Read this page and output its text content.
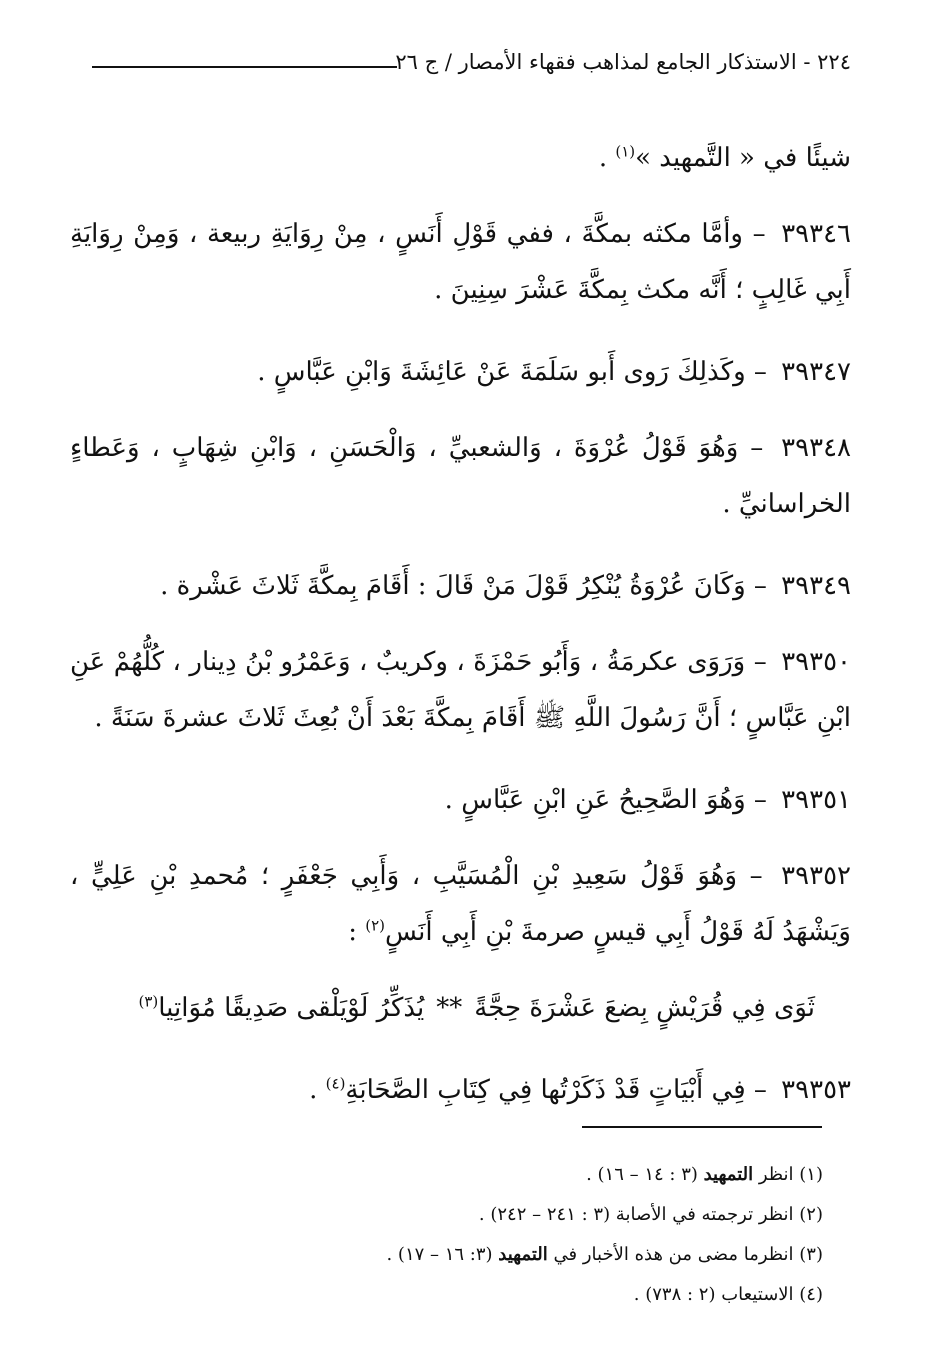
٢٢٤ - الاستذكار الجامع لمذاهب فقهاء الأمصار / ج ٢٦

شيئًا في « التَّمهيد »$^{(١)}$ .

٣٩٣٤٦ – وأمَّا مكثه بمكَّةَ ، ففي قَوْلِ أَنَسٍ ، مِنْ رِوَايَةِ ربيعة ، وَمِنْ رِوَايَةِ أَبِي غَالِبٍ ؛ أَنَّه مكث بِمكَّةَ عَشْرَ سِنِينَ .

٣٩٣٤٧ – وكَذلِكَ رَوى أَبو سَلَمَةَ عَنْ عَائِشَةَ وَابْنِ عَبَّاسٍ .

٣٩٣٤٨ – وَهُوَ قَوْلُ عُرْوَةَ ، وَالشعبيِّ ، وَالْحَسَنِ ، وَابْنِ شِهَابٍ ، وَعَطاءٍ الخراسانيِّ .

٣٩٣٤٩ – وَكَانَ عُرْوَةُ يُنْكِرُ قَوْلَ مَنْ قَالَ : أَقَامَ بِمكَّةَ ثَلاثَ عَشْرة .

٣٩٣٥٠ – وَرَوَى عكرمَةُ ، وَأَبُو حَمْزَةَ ، وكريبٌ ، وَعَمْرُو بْنُ دِينار ، كُلُّهُمْ عَنِ ابْنِ عَبَّاسٍ ؛ أَنَّ رَسُولَ اللَّهِ ﷺ أَقَامَ بِمكَّةَ بَعْدَ أَنْ بُعِثَ ثَلاثَ عشرةَ سَنَةً .

٣٩٣٥١ – وَهُوَ الصَّحِيحُ عَنِ ابْنِ عَبَّاسٍ .

٣٩٣٥٢ – وَهُوَ قَوْلُ سَعِيدِ بْنِ الْمُسَيَّبِ ، وَأَبِي جَعْفَرٍ ؛ مُحمدِ بْنِ عَلِيٍّ ، وَيَشْهَدُ لَهُ قَوْلُ أَبِي قيسٍ صرمةَ بْنِ أَبِي أَنَسٍ$^{(٢)}$ :

ثَوَى فِي قُرَيْشٍ بِضعَ عَشْرَةَ حِجَّةً**يُذَكِّرُ لَوْيَلْقى صَدِيقًا مُوَاتِيا$^{(٣)}$

٣٩٣٥٣ – فِي أَبْيَاتٍ قَدْ ذَكَرْتُها فِي كِتَابِ الصَّحَابَةِ$^{(٤)}$ .

(١) انظر التمهيد (٣ : ١٤ – ١٦) .
(٢) انظر ترجمته في الأصابة (٣ : ٢٤١ – ٢٤٢) .
(٣) انظرما مضى من هذه الأخبار في التمهيد (٣: ١٦ – ١٧) .
(٤) الاستيعاب (٢ : ٧٣٨) .
